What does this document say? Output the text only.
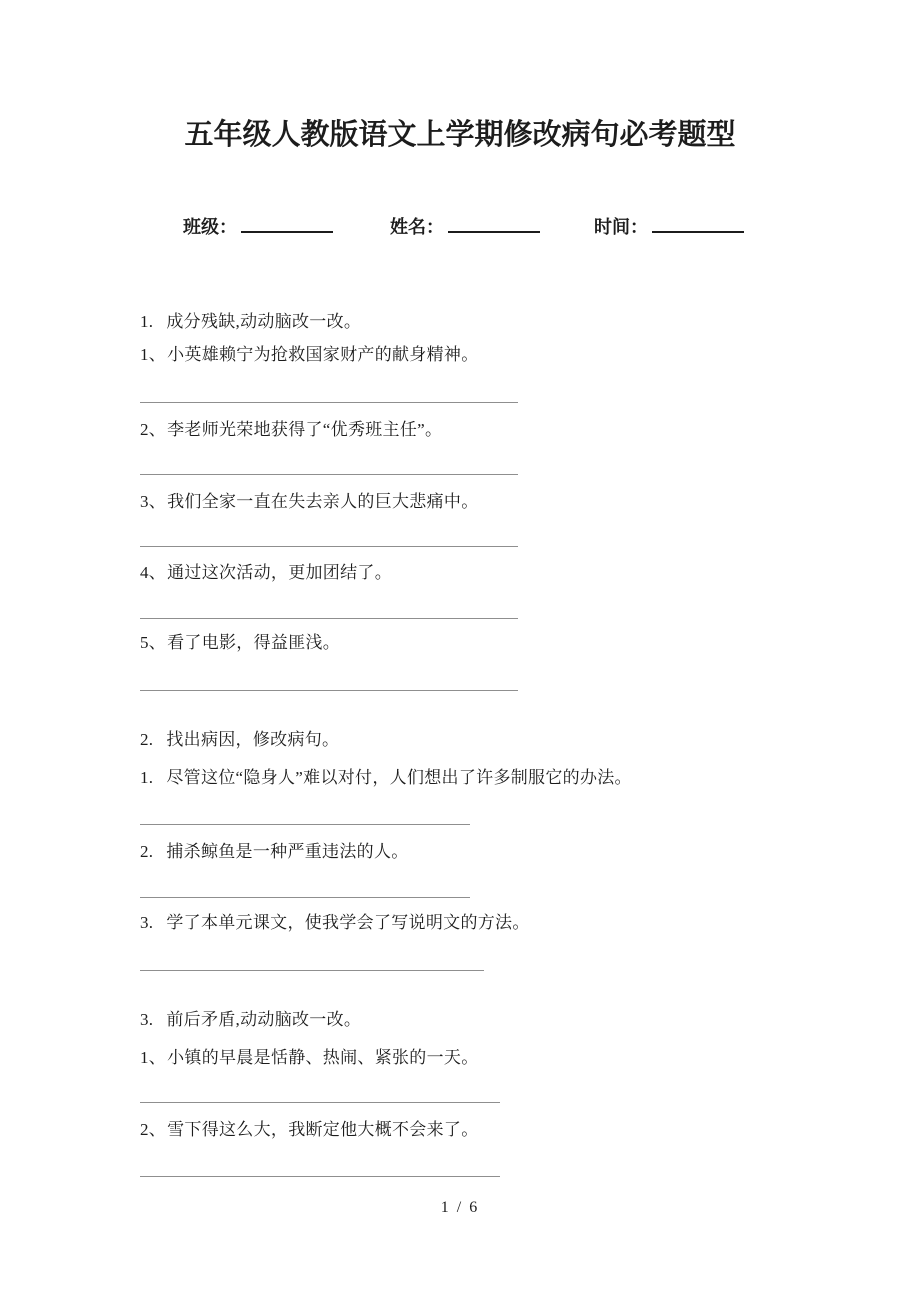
五年级人教版语文上学期修改病句必考题型
班级：	姓名：	时间：
1. 成分残缺,动动脑改一改。
1、小英雄赖宁为抢救国家财产的献身精神。
2、李老师光荣地获得了“优秀班主任”。
3、我们全家一直在失去亲人的巨大悲痛中。
4、通过这次活动，更加团结了。
5、看了电影，得益匪浅。
2. 找出病因，修改病句。
1. 尽管这位“隐身人”难以对付，人们想出了许多制服它的办法。
2. 捕杀鲸鱼是一种严重违法的人。
3. 学了本单元课文，使我学会了写说明文的方法。
3. 前后矛盾,动动脑改一改。
1、小镇的早晨是恬静、热闹、紧张的一天。
2、雪下得这么大，我断定他大概不会来了。
1 / 6
